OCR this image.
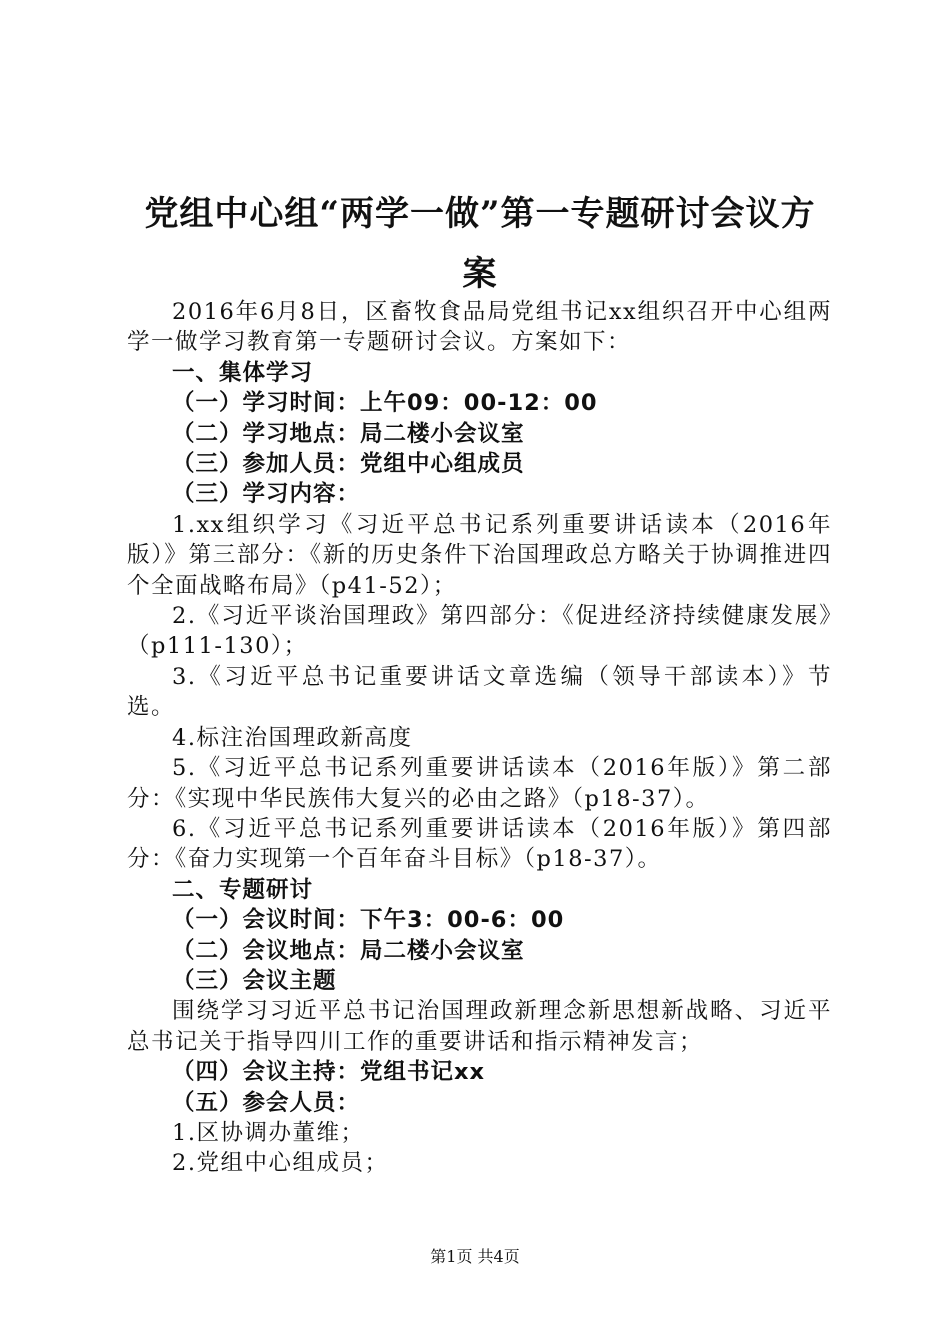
党组中心组“两学一做”第一专题研讨会议方
案

2016年6月8日，区畜牧食品局党组书记xx组织召开中心组两学一做学习教育第一专题研讨会议。方案如下：

一、集体学习

（一）学习时间：上午09：00-12：00

（二）学习地点：局二楼小会议室

（三）参加人员：党组中心组成员

（三）学习内容：

1.xx组织学习《习近平总书记系列重要讲话读本（2016年版）》第三部分：《新的历史条件下治国理政总方略关于协调推进四个全面战略布局》（p41-52）；

2.《习近平谈治国理政》第四部分：《促进经济持续健康发展》（p111-130）；

3.《习近平总书记重要讲话文章选编（领导干部读本）》节选。

4.标注治国理政新高度

5.《习近平总书记系列重要讲话读本（2016年版）》第二部分：《实现中华民族伟大复兴的必由之路》（p18-37）。

6.《习近平总书记系列重要讲话读本（2016年版）》第四部分：《奋力实现第一个百年奋斗目标》（p18-37）。

二、专题研讨

（一）会议时间：下午3：00-6：00

（二）会议地点：局二楼小会议室

（三）会议主题

围绕学习习近平总书记治国理政新理念新思想新战略、习近平总书记关于指导四川工作的重要讲话和指示精神发言；

（四）会议主持：党组书记xx

（五）参会人员：

1.区协调办董维；

2.党组中心组成员；

第1页 共4页
